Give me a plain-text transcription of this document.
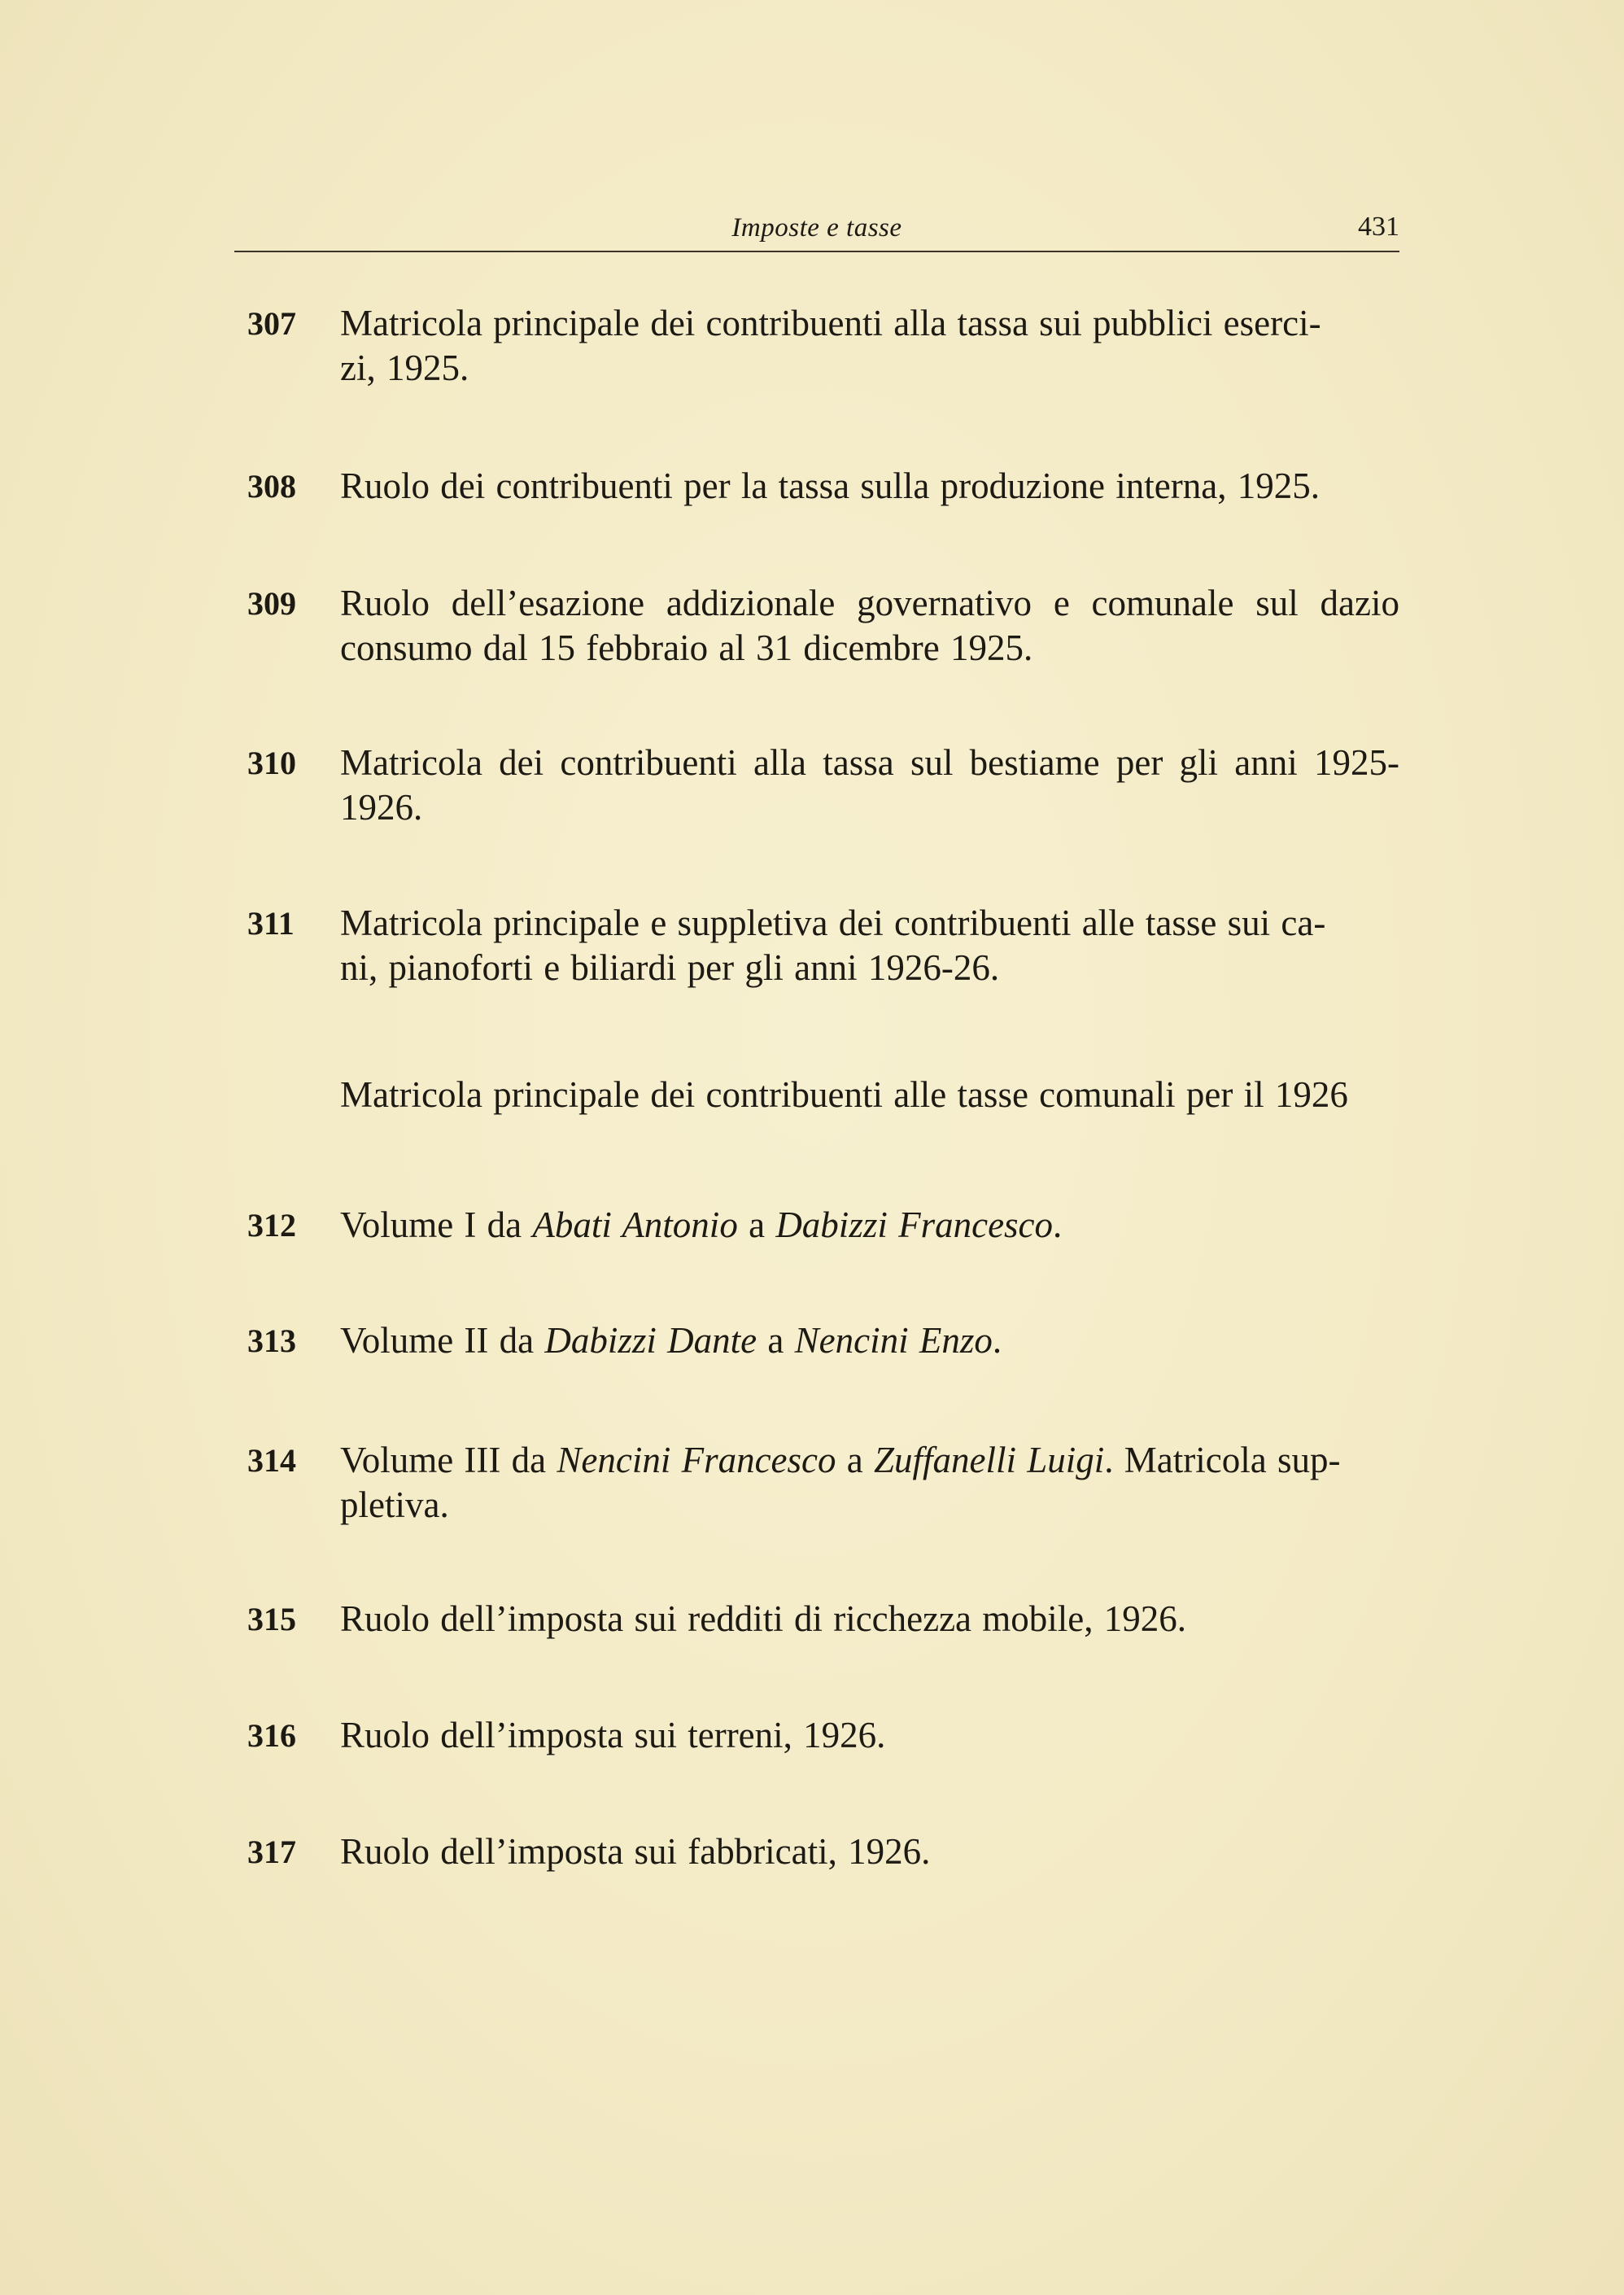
Imposte e tasse	431
307	Matricola principale dei contribuenti alla tassa sui pubblici eserci-
zi, 1925.
308	Ruolo dei contribuenti per la tassa sulla produzione interna, 1925.
309	Ruolo dell’esazione addizionale governativo e comunale sul dazio consumo dal 15 febbraio al 31 dicembre 1925.
310	Matricola dei contribuenti alla tassa sul bestiame per gli anni 1925-1926.
311	Matricola principale e suppletiva dei contribuenti alle tasse sui ca-
ni, pianoforti e biliardi per gli anni 1926-26.
Matricola principale dei contribuenti alle tasse comunali per il 1926
312	Volume I da Abati Antonio a Dabizzi Francesco.
313	Volume II da Dabizzi Dante a Nencini Enzo.
314	Volume III da Nencini Francesco a Zuffanelli Luigi. Matricola sup-
pletiva.
315	Ruolo dell’imposta sui redditi di ricchezza mobile, 1926.
316	Ruolo dell’imposta sui terreni, 1926.
317	Ruolo dell’imposta sui fabbricati, 1926.
